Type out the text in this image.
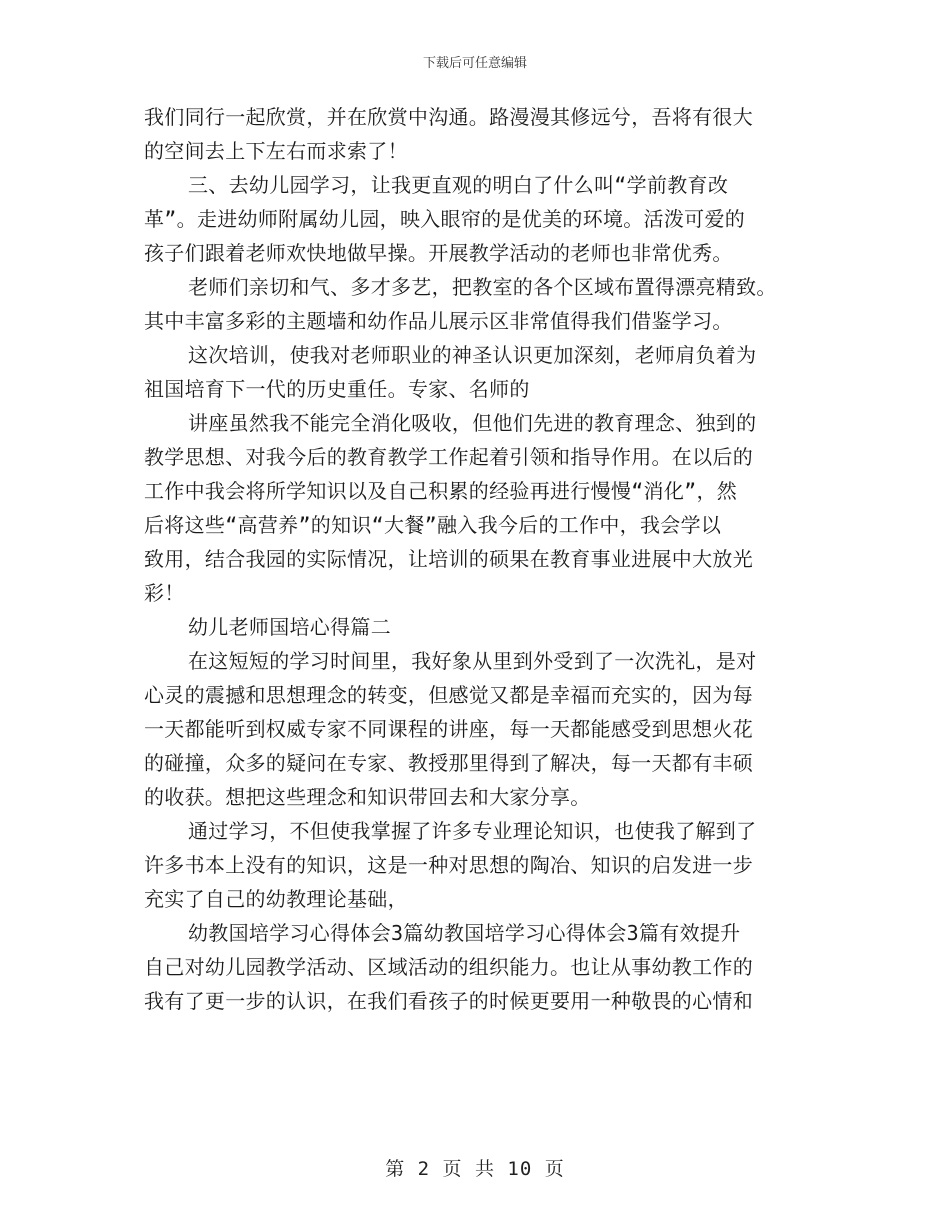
下载后可任意编辑
我们同行一起欣赏，并在欣赏中沟通。路漫漫其修远兮，吾将有很大
的空间去上下左右而求索了！
三、去幼儿园学习，让我更直观的明白了什么叫“学前教育改
革”。走进幼师附属幼儿园，映入眼帘的是优美的环境。活泼可爱的
孩子们跟着老师欢快地做早操。开展教学活动的老师也非常优秀。
老师们亲切和气、多才多艺，把教室的各个区域布置得漂亮精致。
其中丰富多彩的主题墙和幼作品儿展示区非常值得我们借鉴学习。
这次培训，使我对老师职业的神圣认识更加深刻，老师肩负着为
祖国培育下一代的历史重任。专家、名师的
讲座虽然我不能完全消化吸收，但他们先进的教育理念、独到的
教学思想、对我今后的教育教学工作起着引领和指导作用。在以后的
工作中我会将所学知识以及自己积累的经验再进行慢慢“消化”，然
后将这些“高营养”的知识“大餐”融入我今后的工作中，我会学以
致用，结合我园的实际情况，让培训的硕果在教育事业进展中大放光
彩！
幼儿老师国培心得篇二
在这短短的学习时间里，我好象从里到外受到了一次洗礼，是对
心灵的震撼和思想理念的转变，但感觉又都是幸福而充实的，因为每
一天都能听到权威专家不同课程的讲座，每一天都能感受到思想火花
的碰撞，众多的疑问在专家、教授那里得到了解决，每一天都有丰硕
的收获。想把这些理念和知识带回去和大家分享。
通过学习，不但使我掌握了许多专业理论知识，也使我了解到了
许多书本上没有的知识，这是一种对思想的陶冶、知识的启发进一步
充实了自己的幼教理论基础，
幼教国培学习心得体会3篇幼教国培学习心得体会3篇有效提升
自己对幼儿园教学活动、区域活动的组织能力。也让从事幼教工作的
我有了更一步的认识，在我们看孩子的时候更要用一种敬畏的心情和
第 2 页 共 10 页
